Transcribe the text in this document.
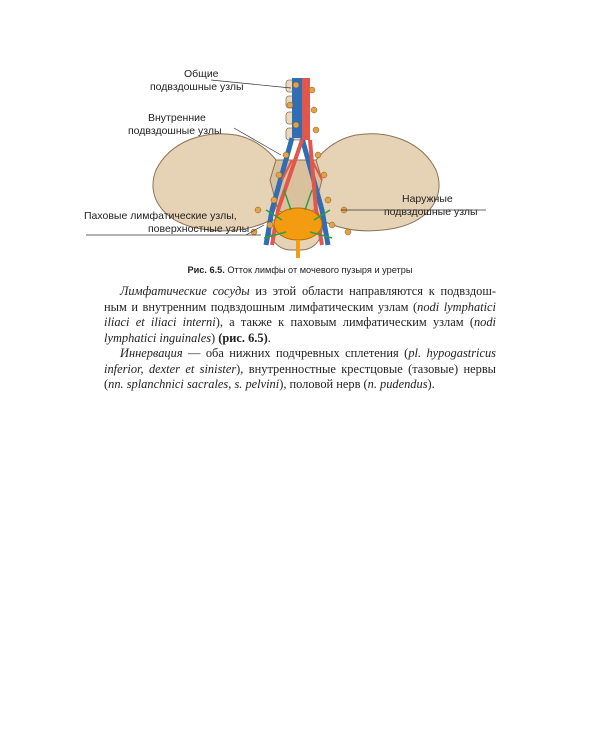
Общие
подвздошные узлы
Внутренние
подвздошные узлы
Наружные
подвздошные узлы
Паховые лимфатические узлы,
поверхностные узлы
Рис. 6.5. Отток лимфы от мочевого пузыря и уретры

Лимфатические сосуды из этой области направляются к подвздош-ным и внутренним подвздошным лимфатическим узлам (nodi lymphatici iliaci et iliaci interni), а также к паховым лимфатическим узлам (nodi lymphatici inguinales) (рис. 6.5).

Иннервация — оба нижних подчревных сплетения (pl. hypogastricus inferior, dexter et sinister), внутренностные крестцовые (тазовые) нервы (nn. splanchnici sacrales, s. pelvini), половой нерв (n. pudendus).
